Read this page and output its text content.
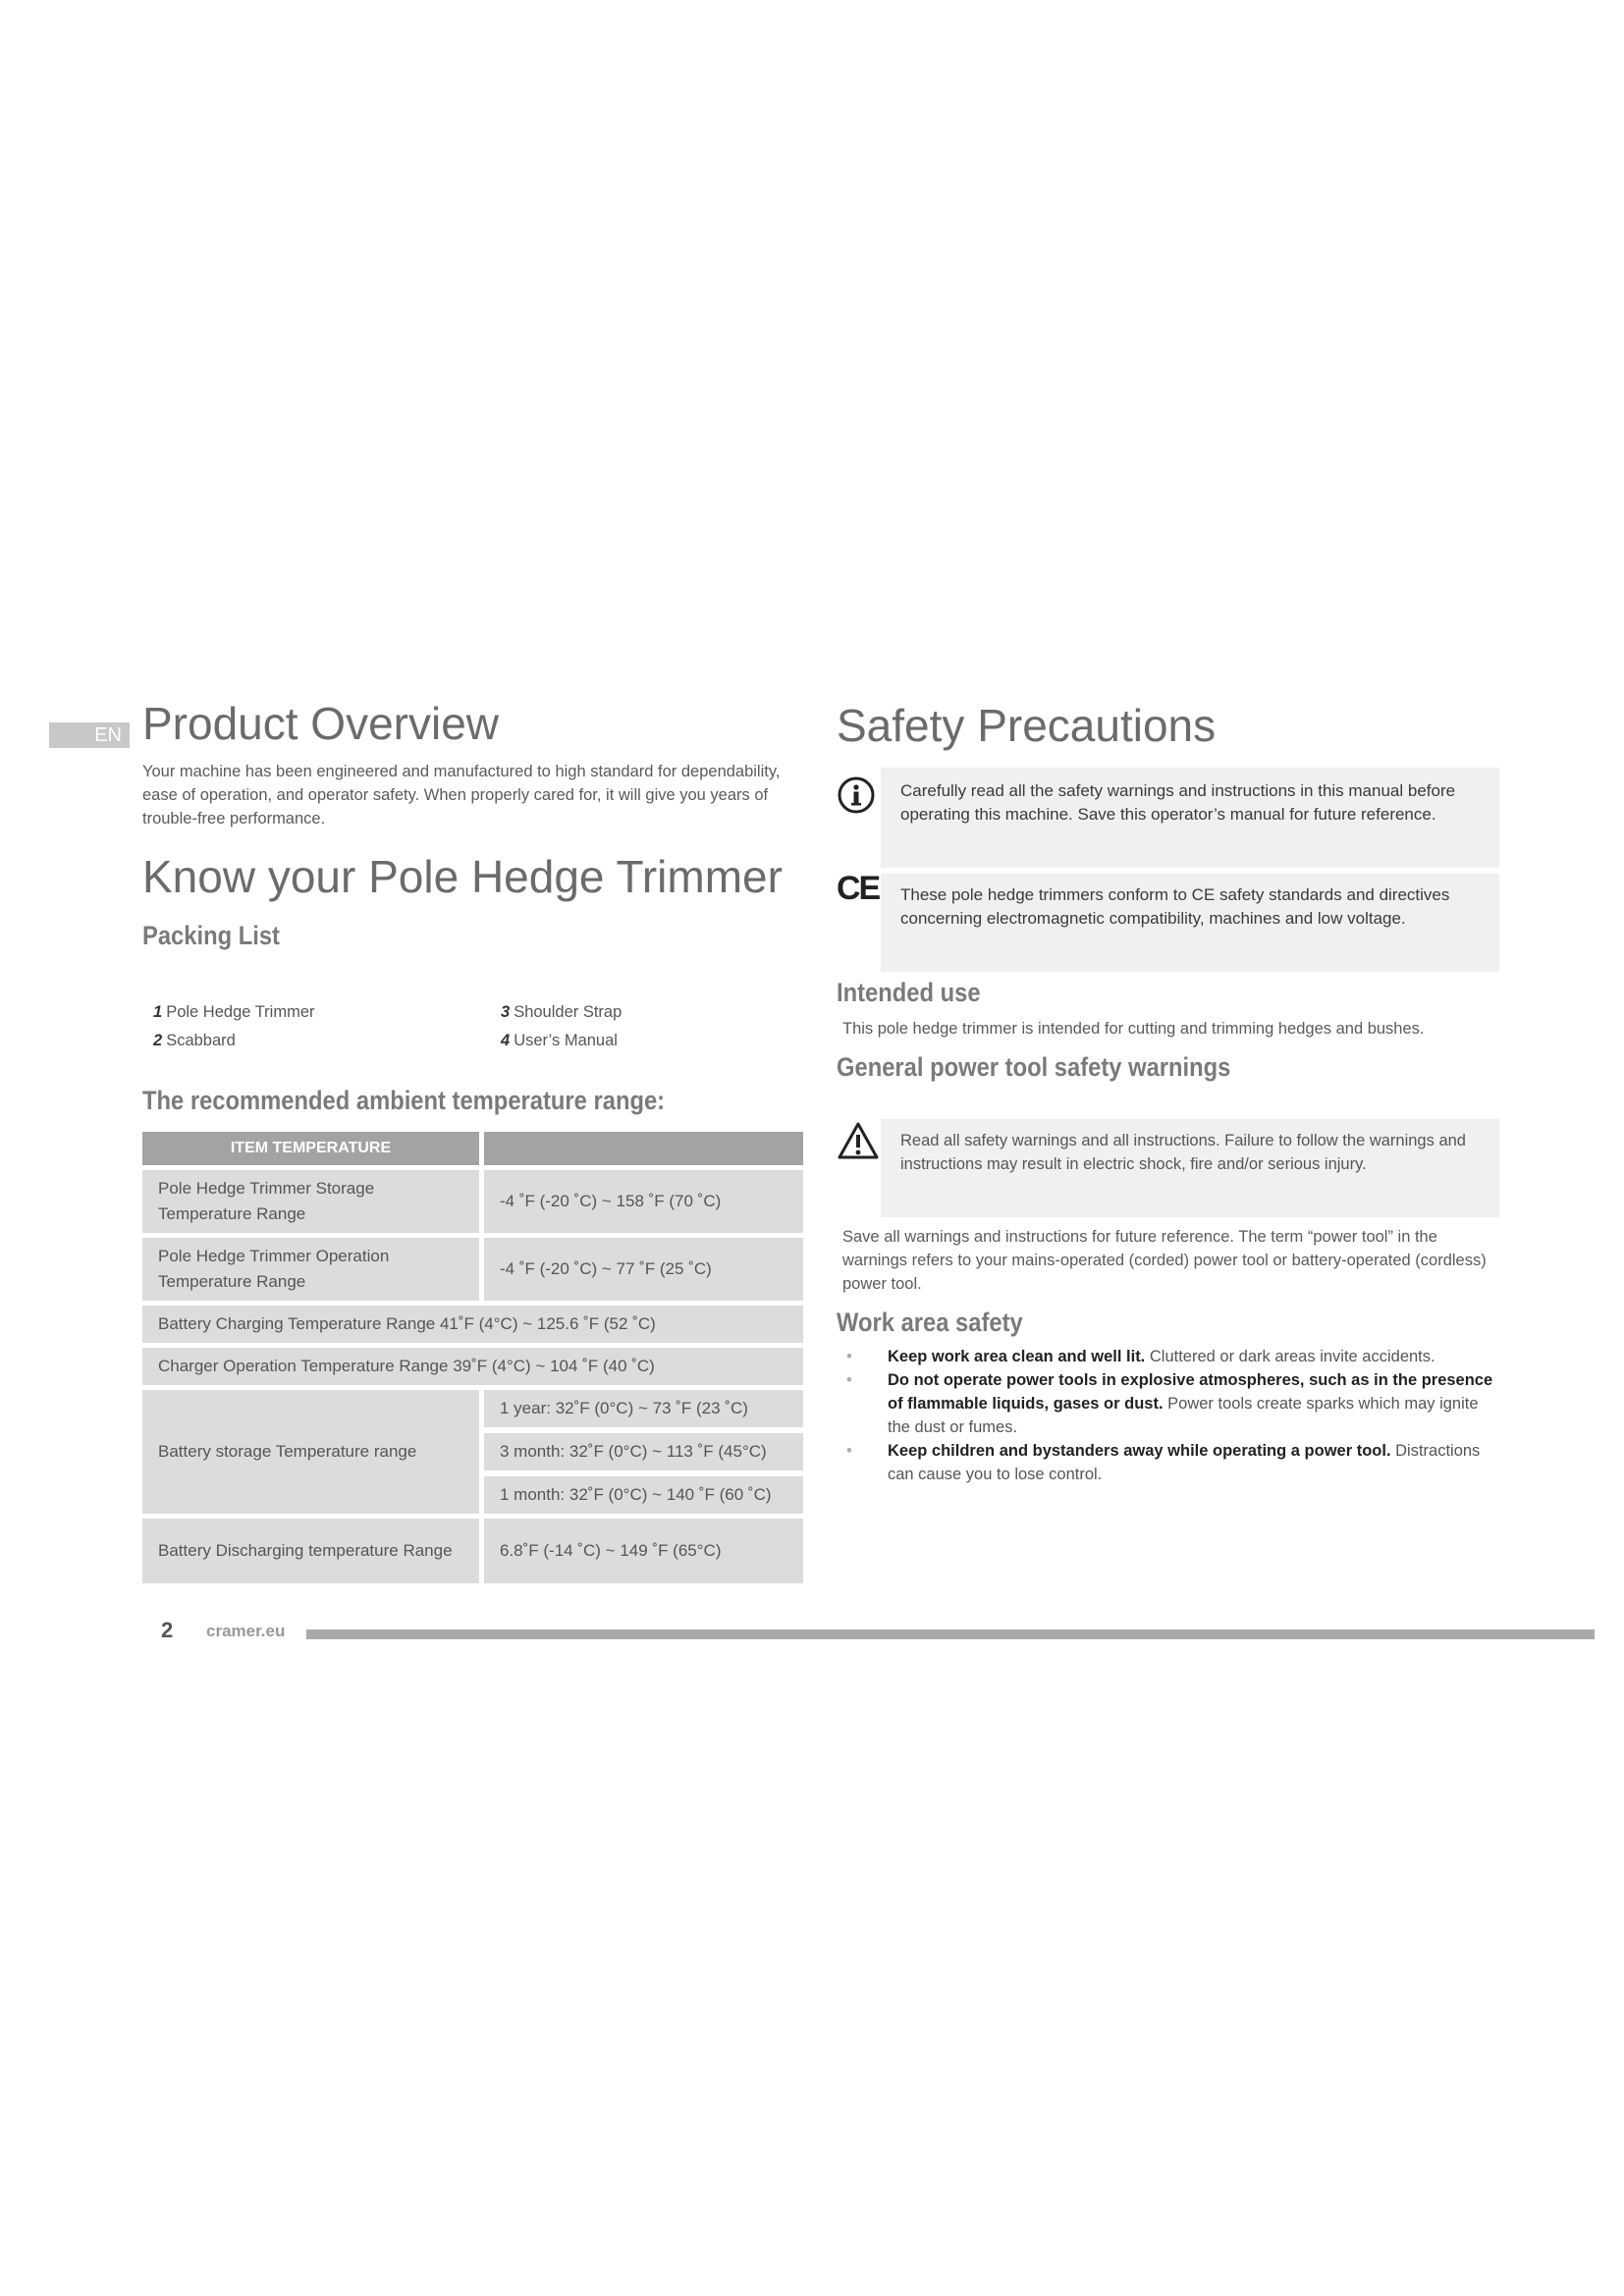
EN Product Overview

Your machine has been engineered and manufactured to high standard for dependability, ease of operation, and operator safety. When properly cared for, it will give you years of trouble-free performance.

Know your Pole Hedge Trimmer
Packing List
1 Pole Hedge Trimmer
2 Scabbard
3 Shoulder Strap
4 User’s Manual
The recommended ambient temperature range:
ITEM TEMPERATURE
Pole Hedge Trimmer Storage Temperature Range
-4 ˚F (-20 ˚C) ~ 158 ˚F (70 ˚C)
Pole Hedge Trimmer Operation Temperature Range
-4 ˚F (-20 ˚C) ~ 77 ˚F (25 ˚C)
Battery Charging Temperature Range 41˚F (4°C) ~ 125.6 ˚F (52 ˚C)
Charger Operation Temperature Range 39˚F (4°C) ~ 104 ˚F (40 ˚C)
Battery storage Temperature range
1 year: 32˚F (0°C) ~ 73 ˚F (23 ˚C)
3 month: 32˚F (0°C) ~ 113 ˚F (45°C)
1 month: 32˚F (0°C) ~ 140 ˚F (60 ˚C)
Battery Discharging temperature Range	6.8˚F (-14 ˚C) ~ 149 ˚F (65°C)
Safety Precautions

Carefully read all the safety warnings and instructions in this manual before operating this machine. Save this operator’s manual for future reference.

CE These pole hedge trimmers conform to CE safety standards and directives concerning electromagnetic compatibility, machines and low voltage.

Intended use

This pole hedge trimmer is intended for cutting and trimming hedges and bushes.

General power tool safety warnings

Read all safety warnings and all instructions. Failure to follow the warnings and instructions may result in electric shock, fire and/or serious injury.

Save all warnings and instructions for future reference. The term “power tool” in the warnings refers to your mains-operated (corded) power tool or battery-operated (cordless) power tool.

Work area safety
• Keep work area clean and well lit. Cluttered or dark areas invite accidents.
• Do not operate power tools in explosive atmospheres, such as in the presence of flammable liquids, gases or dust. Power tools create sparks which may ignite the dust or fumes.
• Keep children and bystanders away while operating a power tool. Distractions can cause you to lose control.
2 cramer.eu
